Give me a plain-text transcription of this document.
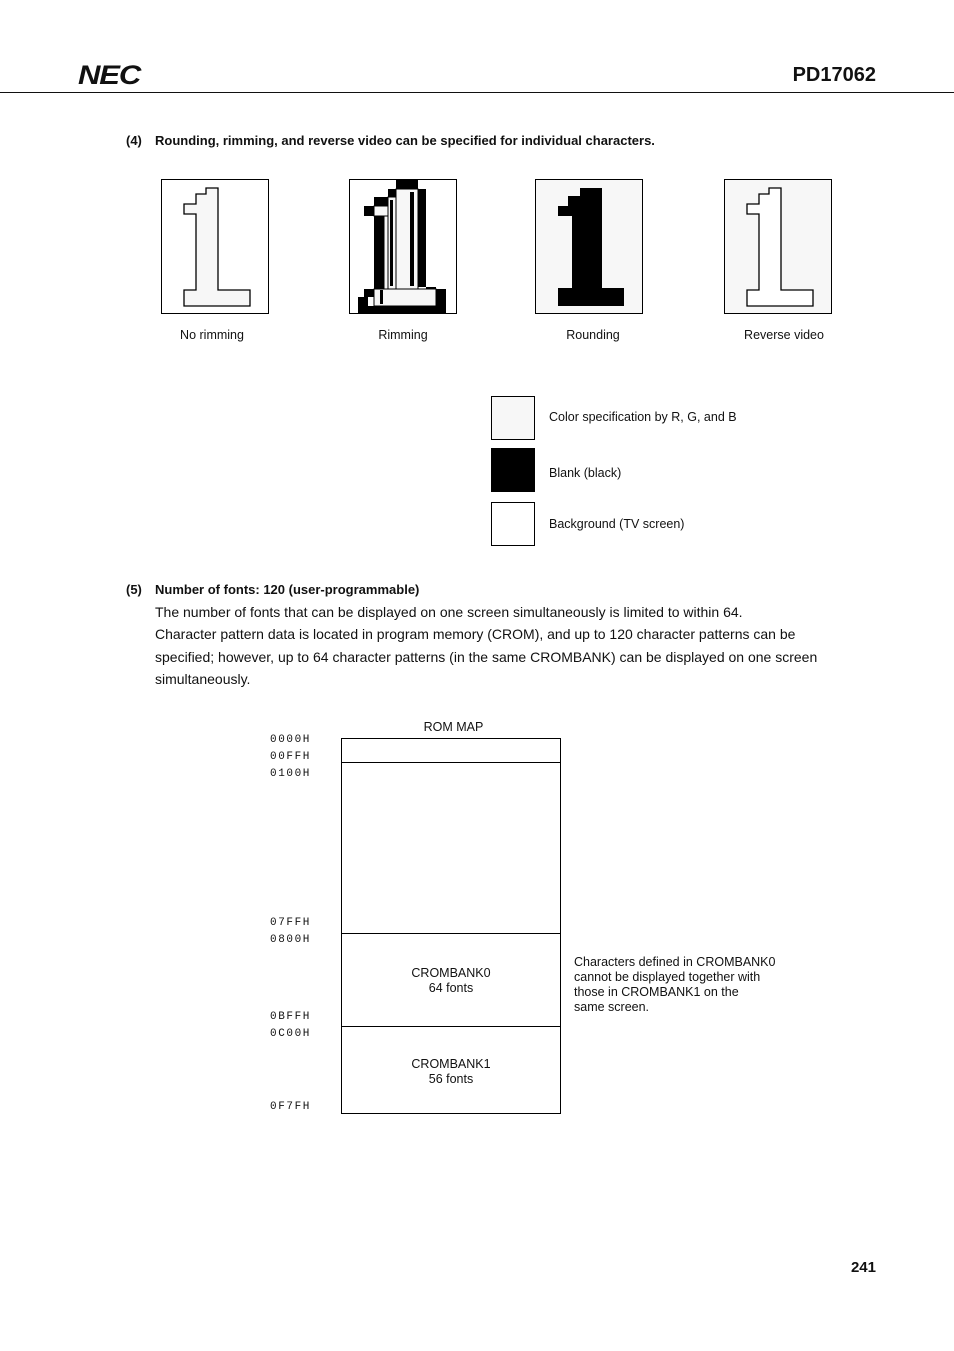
NEC	PD17062
(4) Rounding, rimming, and reverse video can be specified for individual characters.
No rimming	Rimming	Rounding	Reverse video
Color specification by R, G, and B
Blank (black)
Background (TV screen)
(5) Number of fonts: 120 (user-programmable)

The number of fonts that can be displayed on one screen simultaneously is limited to within 64.

Character pattern data is located in program memory (CROM), and up to 120 character patterns can be

specified; however, up to 64 character patterns (in the same CROMBANK) can be displayed on one screen

simultaneously.

ROM MAP
0000H
00FFH
0100H
07FFH
0800H
0BFFH
0C00H
0F7FH
CROMBANK0
64 fonts
CROMBANK1
56 fonts
Characters defined in CROMBANK0
cannot be displayed together with
those in CROMBANK1 on the
same screen.
241
